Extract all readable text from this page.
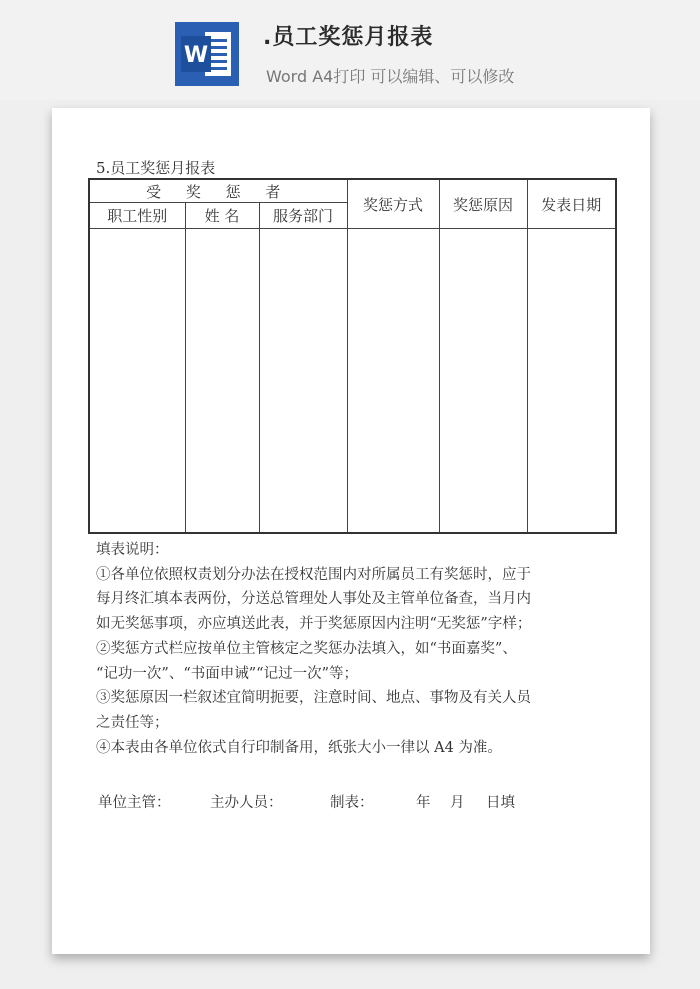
W
.员工奖惩月报表
Word A4打印 可以编辑、可以修改
5.员工奖惩月报表
受 奖 惩 者			奖惩方式	奖惩原因	发表日期
职工性别	姓 名	服务部门			

填表说明：
①各单位依照权责划分办法在授权范围内对所属员工有奖惩时，应于
每月终汇填本表两份，分送总管理处人事处及主管单位备查，当月内
如无奖惩事项，亦应填送此表，并于奖惩原因内注明“无奖惩”字样；
②奖惩方式栏应按单位主管核定之奖惩办法填入，如“书面嘉奖”、
“记功一次”、“书面申诫”“记过一次”等；
③奖惩原因一栏叙述宜简明扼要，注意时间、地点、事物及有关人员
之责任等；
④本表由各单位依式自行印制备用，纸张大小一律以 A4 为准。
单位主管：	主办人员：	制表：	年 月 日填
